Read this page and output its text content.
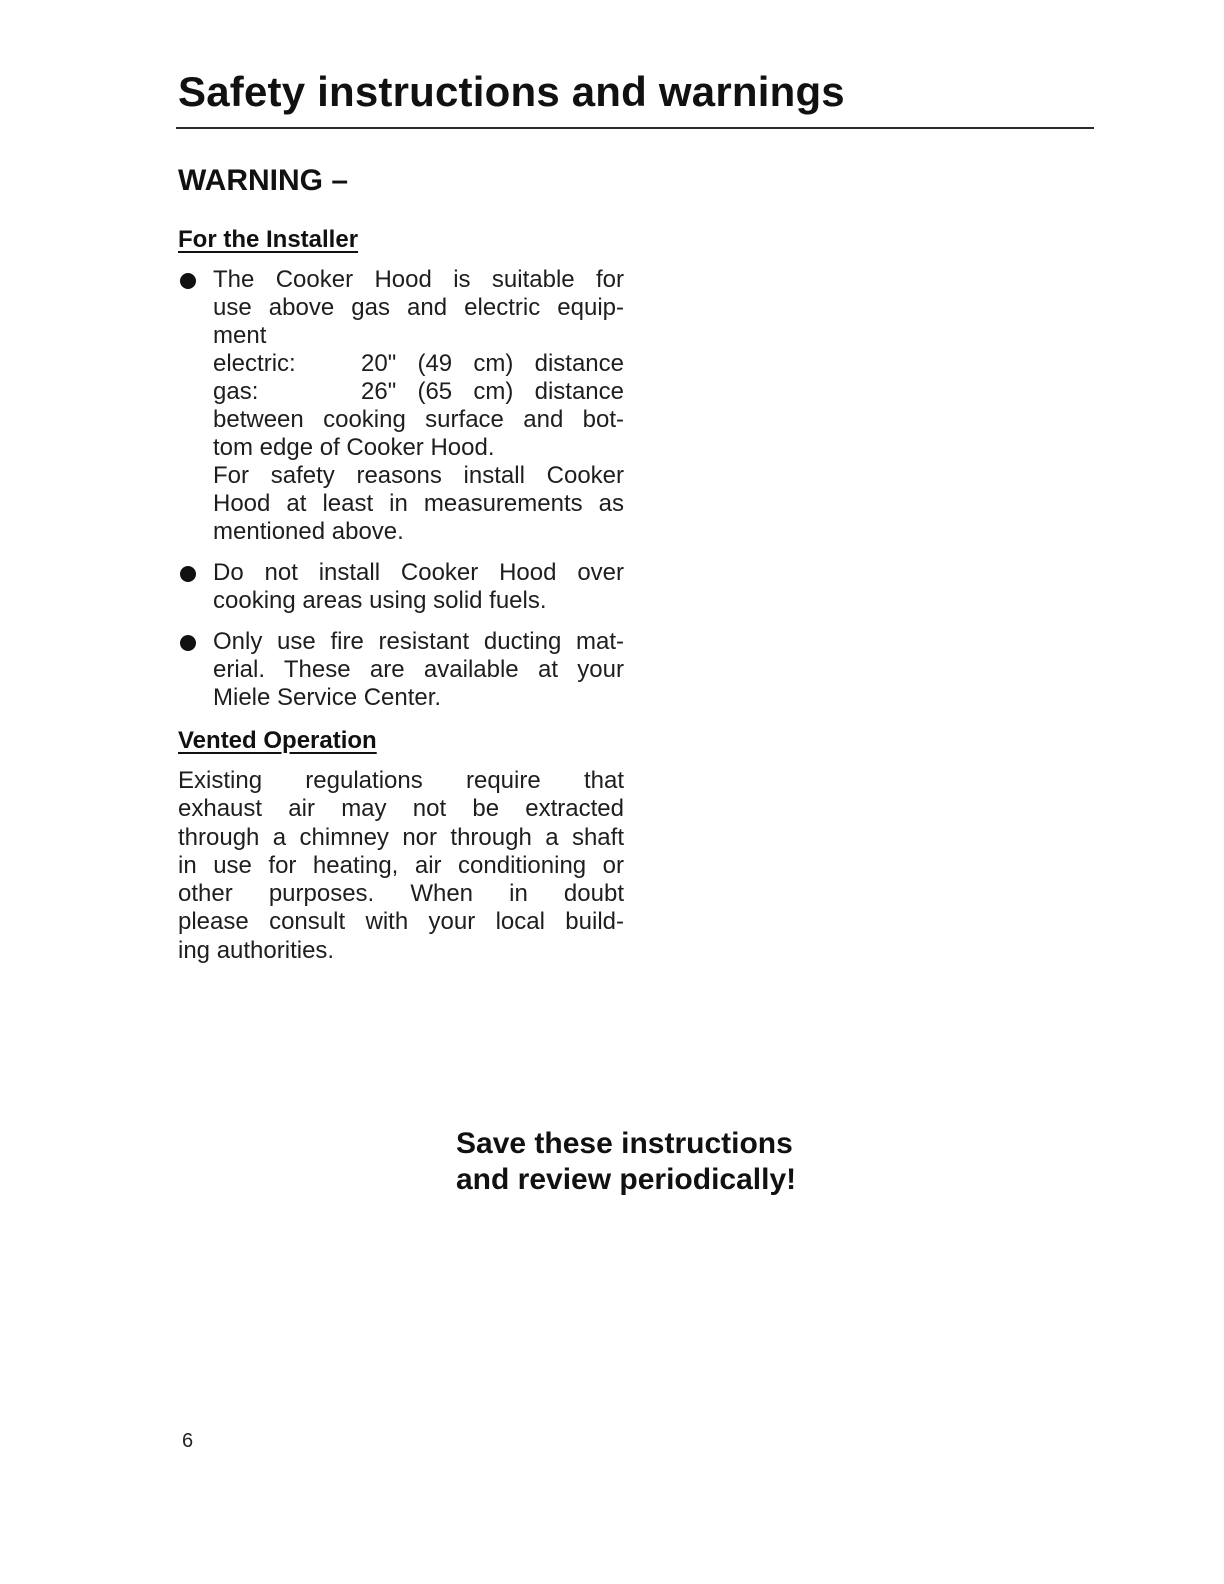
Safety instructions and warnings
WARNING –
For the Installer
The Cooker Hood is suitable for
use above gas and electric equip-
ment
electric:	20" (49 cm) distance
gas:	26" (65 cm) distance
between cooking surface and bot-
tom edge of Cooker Hood.
For safety reasons install Cooker
Hood at least in measurements as
mentioned above.
Do not install Cooker Hood over
cooking areas using solid fuels.
Only use fire resistant ducting mat-
erial. These are available at your
Miele Service Center.
Vented Operation
Existing regulations require that
exhaust air may not be extracted
through a chimney nor through a shaft
in use for heating, air conditioning or
other purposes. When in doubt
please consult with your local build-
ing authorities.

Save these instructions
and review periodically!

6
